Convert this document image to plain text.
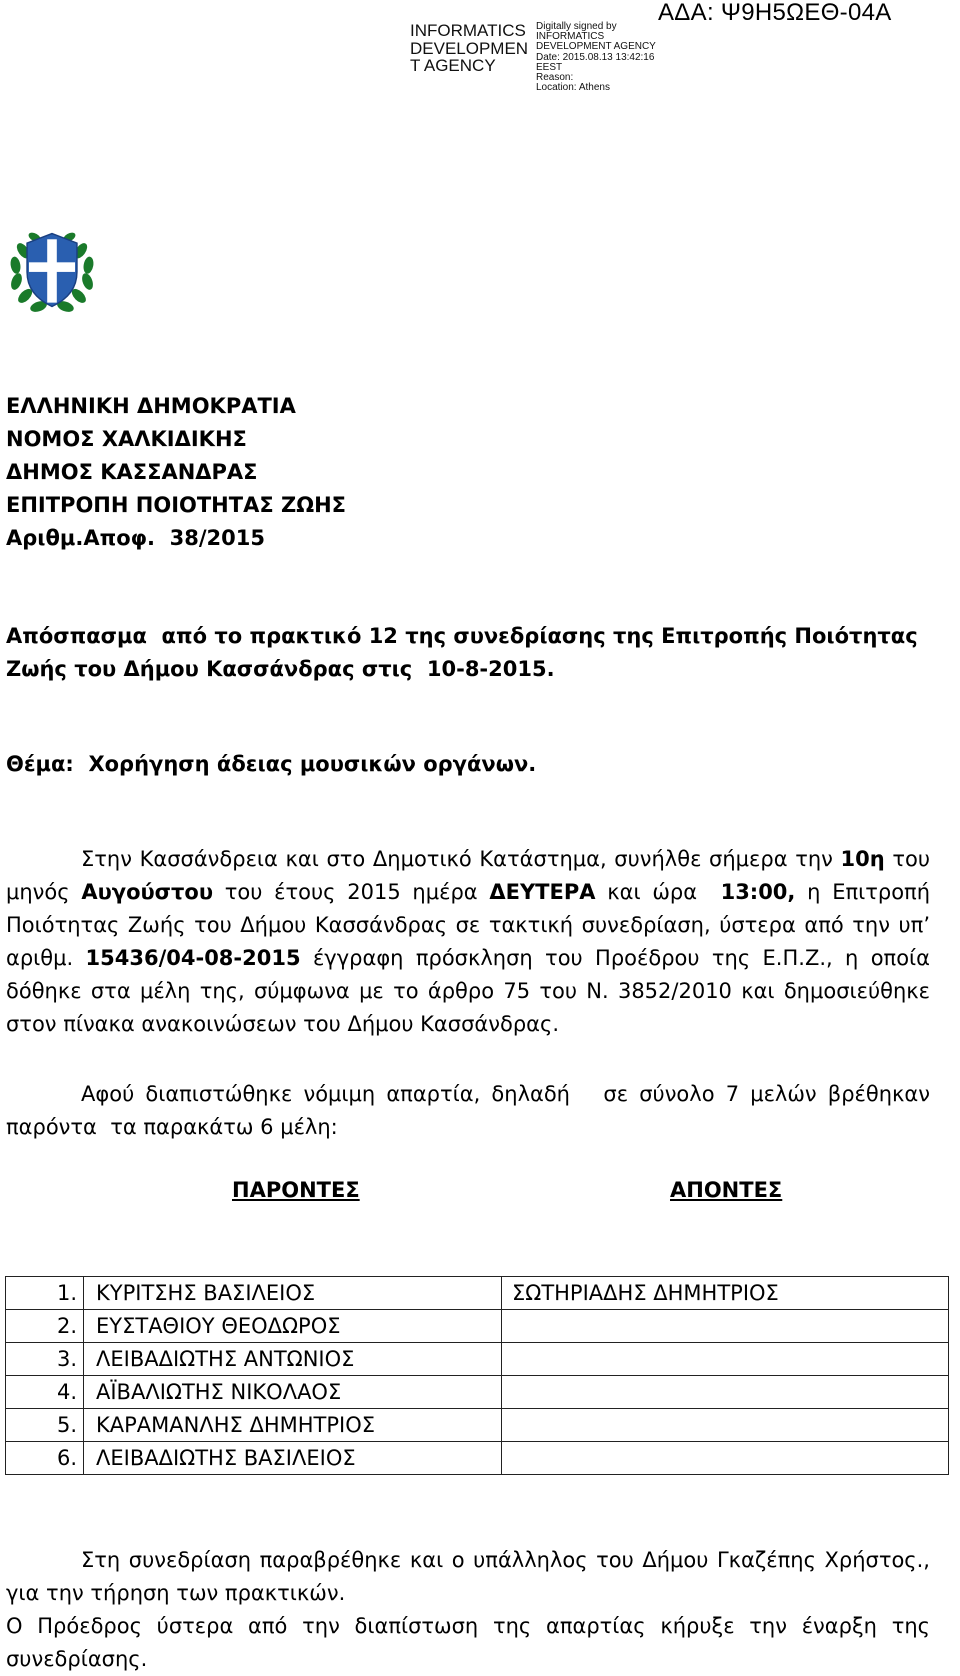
INFORMATICS
DEVELOPMEN
T AGENCY
Digitally signed by
INFORMATICS
DEVELOPMENT AGENCY
Date: 2015.08.13 13:42:16
EEST
Reason:
Location: Athens
ΑΔΑ: Ψ9Η5ΩΕΘ-04Α
ΕΛΛΗΝΙΚΗ ΔΗΜΟΚΡΑΤΙΑ
ΝΟΜΟΣ ΧΑΛΚΙΔΙΚΗΣ
ΔΗΜΟΣ ΚΑΣΣΑΝΔΡΑΣ
ΕΠΙΤΡΟΠΗ ΠΟΙΟΤΗΤΑΣ ΖΩΗΣ
Αριθμ.Αποφ.  38/2015
Απόσπασμα  από το πρακτικό 12 της συνεδρίασης της Επιτροπής Ποιότητας Ζωής του Δήμου Κασσάνδρας στις  10-8-2015.
Θέμα:  Χορήγηση άδειας μουσικών οργάνων.
Στην Κασσάνδρεια και στο Δημοτικό Κατάστημα, συνήλθε σήμερα την 10η του μηνός Αυγούστου του έτους 2015 ημέρα ΔΕΥΤΕΡΑ και ώρα  13:00, η Επιτροπή Ποιότητας Ζωής του Δήμου Κασσάνδρας σε τακτική συνεδρίαση, ύστερα από την υπ’ αριθμ. 15436/04-08-2015 έγγραφη πρόσκληση του Προέδρου της Ε.Π.Ζ., η οποία δόθηκε στα μέλη της, σύμφωνα με το άρθρο 75 του Ν. 3852/2010 και δημοσιεύθηκε στον πίνακα ανακοινώσεων του Δήμου Κασσάνδρας.
Αφού διαπιστώθηκε νόμιμη απαρτία, δηλαδή   σε σύνολο 7 μελών βρέθηκαν παρόντα  τα παρακάτω 6 μέλη:
ΠΑΡΟΝΤΕΣ	ΑΠΟΝΤΕΣ
1.	ΚΥΡΙΤΣΗΣ ΒΑΣΙΛΕΙΟΣ	ΣΩΤΗΡΙΑΔΗΣ ΔΗΜΗΤΡΙΟΣ
2.	ΕΥΣΤΑΘΙΟΥ ΘΕΟΔΩΡΟΣ	
3.	ΛΕΙΒΑΔΙΩΤΗΣ ΑΝΤΩΝΙΟΣ	
4.	ΑΪΒΑΛΙΩΤΗΣ ΝΙΚΟΛΑΟΣ	
5.	ΚΑΡΑΜΑΝΛΗΣ ΔΗΜΗΤΡΙΟΣ	
6.	ΛΕΙΒΑΔΙΩΤΗΣ ΒΑΣΙΛΕΙΟΣ	
Στη συνεδρίαση παραβρέθηκε και ο υπάλληλος του Δήμου Γκαζέπης Χρήστος., για την τήρηση των πρακτικών.
Ο Πρόεδρος ύστερα από την διαπίστωση της απαρτίας κήρυξε την έναρξη της συνεδρίασης.
